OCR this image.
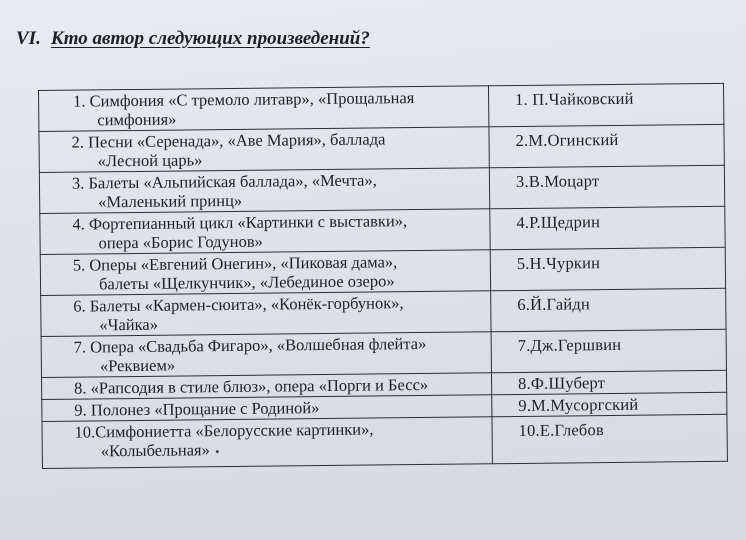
VI. Кто автор следующих произведений?
1. Симфония «С тремоло литавр», «Прощальная
симфония»	1. П.Чайковский

2. Песни «Серенада», «Аве Мария», баллада
«Лесной царь»	2.М.Огинский

3. Балеты «Альпийская баллада», «Мечта»,
«Маленький принц»	3.В.Моцарт

4. Фортепианный цикл «Картинки с выставки»,
опера «Борис Годунов»	4.Р.Щедрин

5. Оперы «Евгений Онегин», «Пиковая дама»,
балеты «Щелкунчик», «Лебединое озеро»	5.Н.Чуркин

6. Балеты «Кармен-сюита», «Конёк-горбунок»,
«Чайка»	6.Й.Гайдн

7. Опера «Свадьба Фигаро», «Волшебная флейта»
«Реквием»	7.Дж.Гершвин

8. «Рапсодия в стиле блюз», опера «Порги и Бесс»	8.Ф.Шуберт

9. Полонез «Прощание с Родиной»	9.М.Мусоргский

10.Симфониетта «Белорусские картинки»,
«Колыбельная»	10.Е.Глебов
